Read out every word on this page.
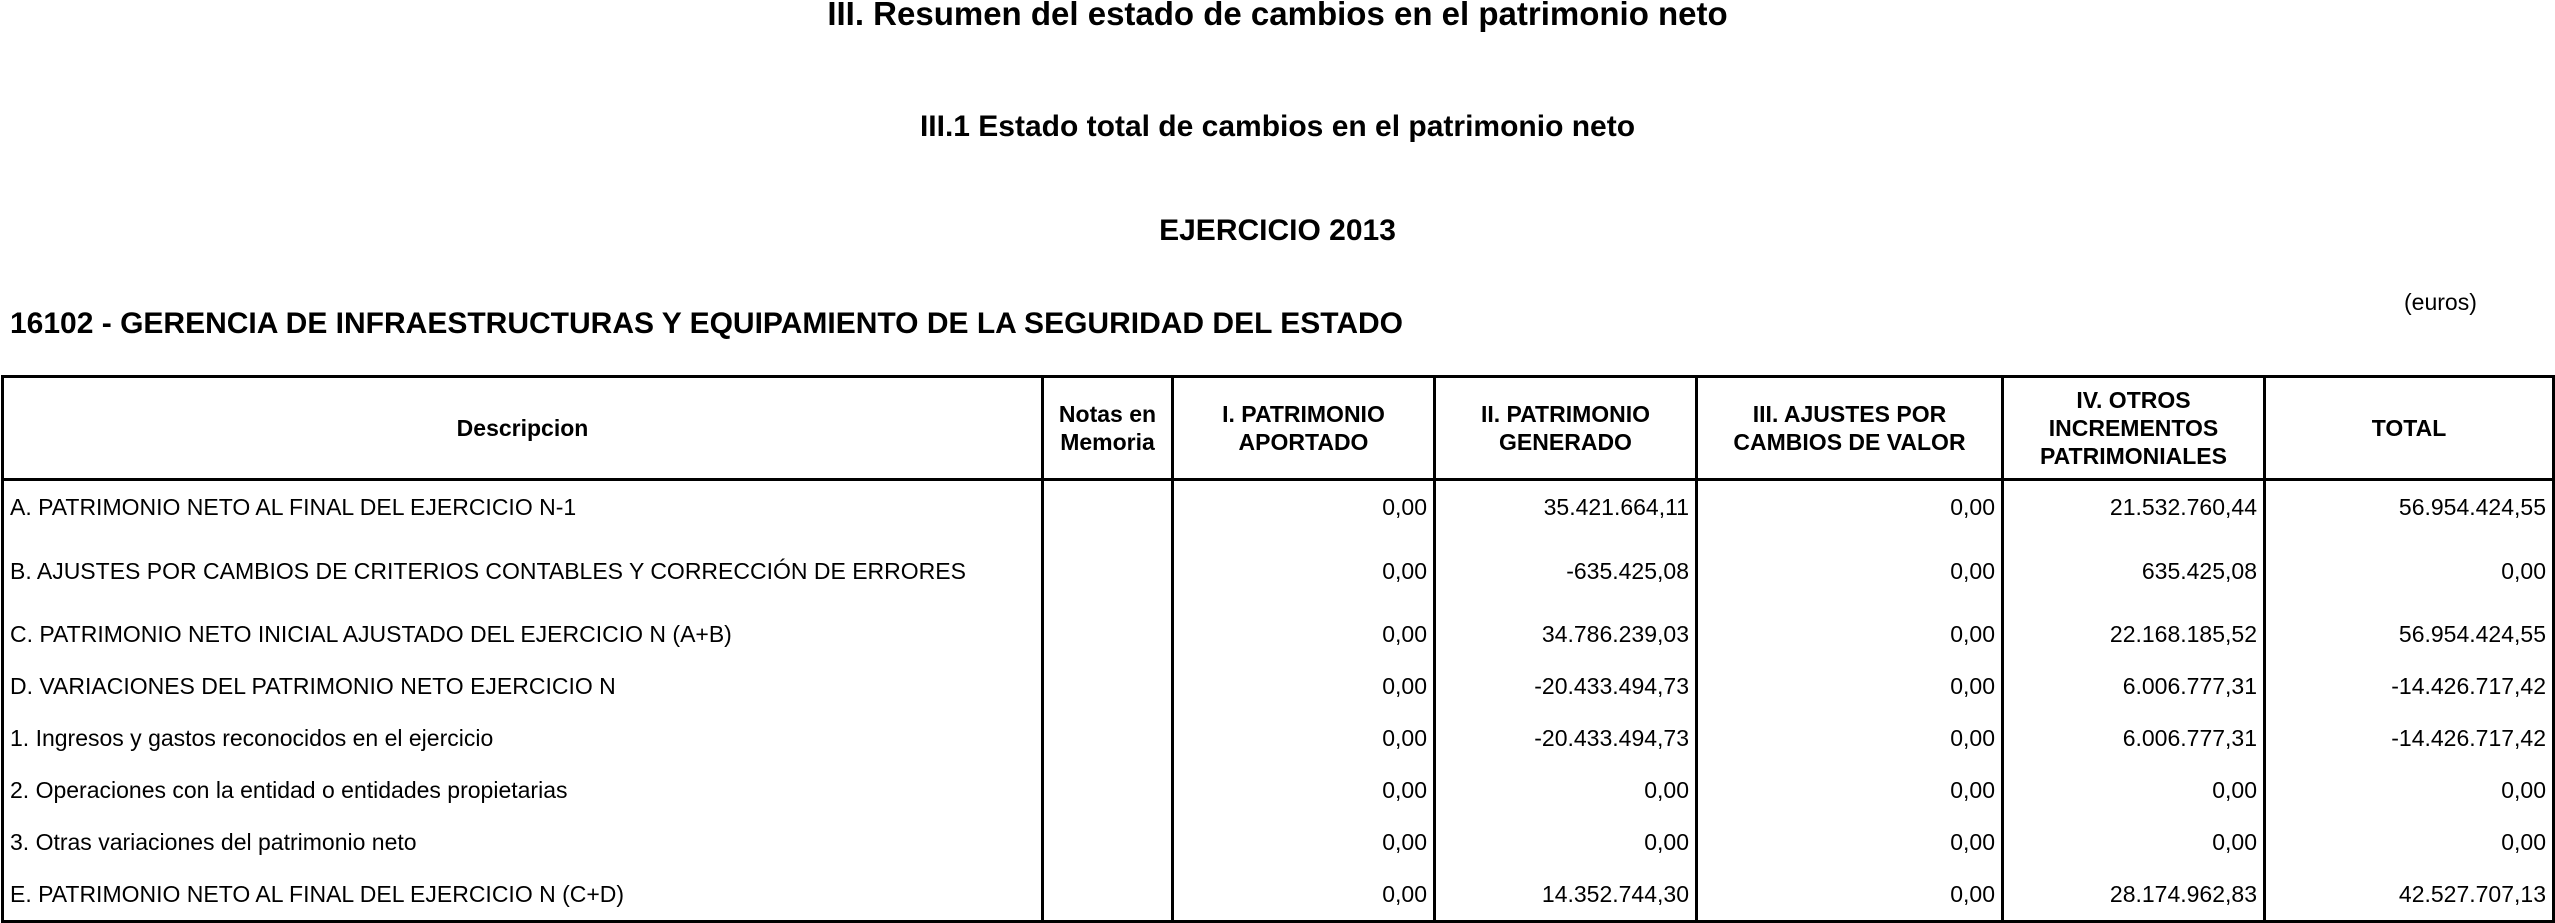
III. Resumen del estado de cambios en el patrimonio neto
III.1 Estado total de cambios en el patrimonio neto
EJERCICIO 2013
(euros)
16102 - GERENCIA DE INFRAESTRUCTURAS Y EQUIPAMIENTO DE LA SEGURIDAD DEL ESTADO
Descripcion	Notas en Memoria	I. PATRIMONIO APORTADO	II. PATRIMONIO GENERADO	III. AJUSTES POR CAMBIOS DE VALOR	IV. OTROS INCREMENTOS PATRIMONIALES	TOTAL
A. PATRIMONIO NETO AL FINAL DEL EJERCICIO N-1		0,00	35.421.664,11	0,00	21.532.760,44	56.954.424,55
B. AJUSTES POR CAMBIOS DE CRITERIOS CONTABLES Y CORRECCIÓN DE ERRORES		0,00	-635.425,08	0,00	635.425,08	0,00
C. PATRIMONIO NETO INICIAL AJUSTADO DEL EJERCICIO N (A+B)		0,00	34.786.239,03	0,00	22.168.185,52	56.954.424,55
D. VARIACIONES DEL PATRIMONIO NETO EJERCICIO N		0,00	-20.433.494,73	0,00	6.006.777,31	-14.426.717,42
1. Ingresos y gastos reconocidos en el ejercicio		0,00	-20.433.494,73	0,00	6.006.777,31	-14.426.717,42
2. Operaciones con la entidad o entidades propietarias		0,00	0,00	0,00	0,00	0,00
3. Otras variaciones del patrimonio neto		0,00	0,00	0,00	0,00	0,00
E. PATRIMONIO NETO AL FINAL DEL EJERCICIO N (C+D)		0,00	14.352.744,30	0,00	28.174.962,83	42.527.707,13
